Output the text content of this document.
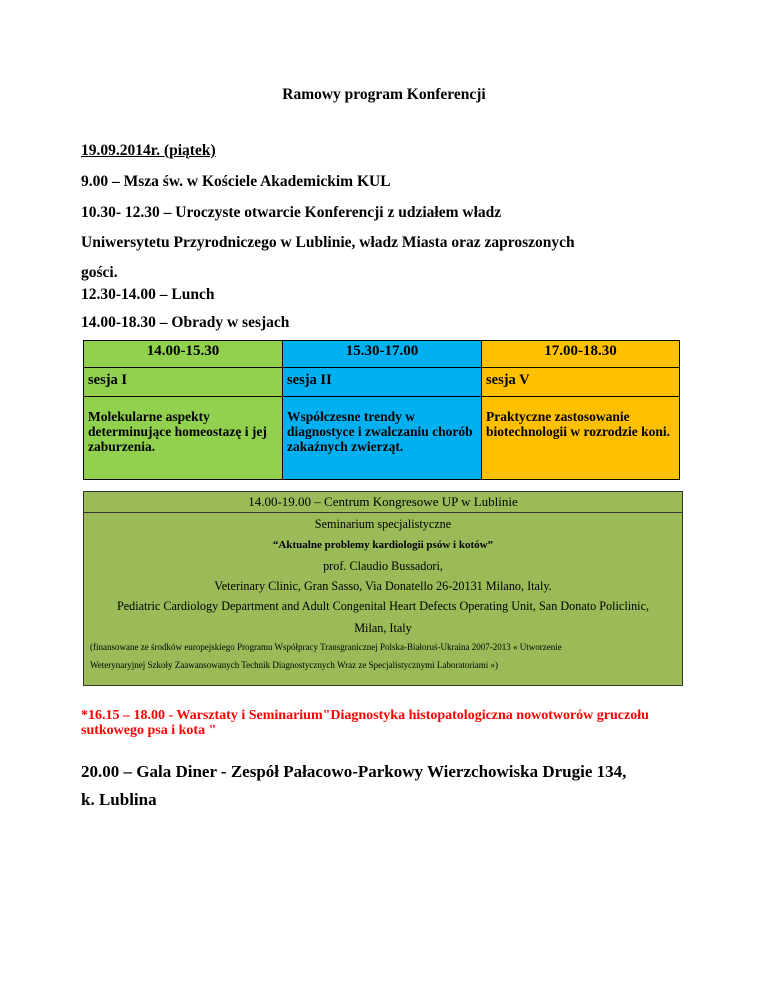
Ramowy program Konferencji
19.09.2014r. (piątek)
9.00 – Msza św. w Kościele Akademickim KUL
10.30- 12.30 – Uroczyste otwarcie Konferencji z udziałem władz
Uniwersytetu Przyrodniczego w Lublinie, władz Miasta oraz zaproszonych
gości.
12.30-14.00 – Lunch
14.00-18.30 – Obrady w sesjach
14.00-15.30	15.30-17.00	17.00-18.30
sesja I	sesja II	sesja V
Molekularne aspekty determinujące homeostazę i jej zaburzenia.	Współczesne trendy w diagnostyce i zwalczaniu chorób zakaźnych zwierząt.	Praktyczne zastosowanie biotechnologii w rozrodzie koni.
14.00-19.00 – Centrum Kongresowe UP w Lublinie
Seminarium specjalistyczne
“Aktualne problemy kardiologii psów i kotów”
prof. Claudio Bussadori,
Veterinary Clinic, Gran Sasso, Via Donatello 26-20131 Milano, Italy.
Pediatric Cardiology Department and Adult Congenital Heart Defects Operating Unit, San Donato Policlinic,
Milan, Italy
(finansowane ze środków europejskiego Programu Współpracy Transgranicznej Polska-Białoruś-Ukraina 2007-2013 « Utworzenie
Weterynaryjnej Szkoły Zaawansowanych Technik Diagnostycznych Wraz ze Specjalistycznymi Laboratoriami »)
*16.15 – 18.00 - Warsztaty i Seminarium"Diagnostyka histopatologiczna nowotworów gruczołu sutkowego psa i kota "
20.00 – Gala Diner - Zespół Pałacowo-Parkowy Wierzchowiska Drugie 134,
k. Lublina
